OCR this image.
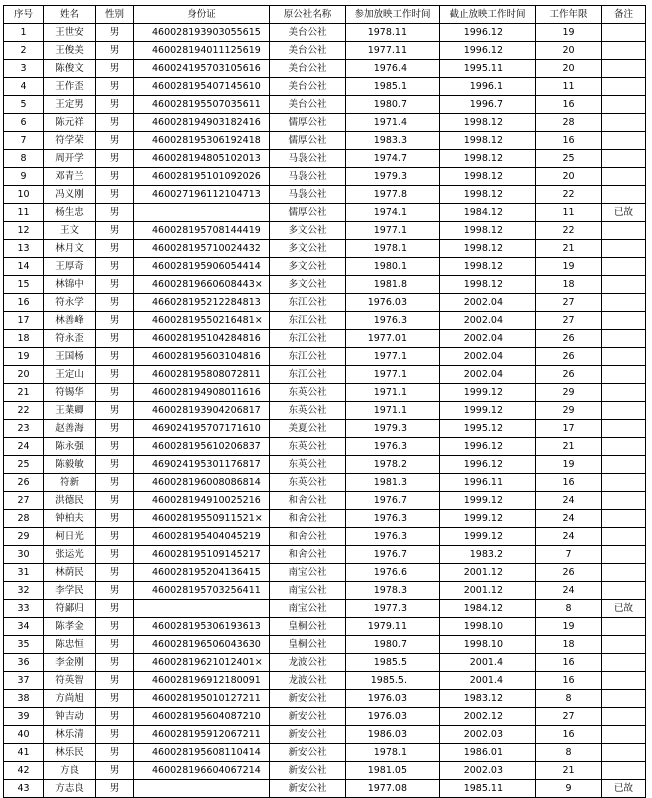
序号	姓名	性别	身份证	原公社名称	参加放映工作时间	截止放映工作时间	工作年限	备注
1	王世安	男	460028193903055615	美台公社	1978.11	1996.12	19	
2	王俊美	男	460028194011125619	美台公社	1977.11	1996.12	20	
3	陈俊文	男	460024195703105616	美台公社	1976.4	1995.11	20	
4	王作歪	男	460028195407145610	美台公社	1985.1	1996.1	11	
5	王定男	男	460028195507035611	美台公社	1980.7	1996.7	16	
6	陈元祥	男	460028194903182416	儒厚公社	1971.4	1998.12	28	
7	符学荣	男	460028195306192418	儒厚公社	1983.3	1998.12	16	
8	周开学	男	460028194805102013	马袅公社	1974.7	1998.12	25	
9	邓青兰	男	460028195101092026	马袅公社	1979.3	1998.12	20	
10	冯义刚	男	460027196112104713	马袅公社	1977.8	1998.12	22	
11	杨生忠	男		儒厚公社	1974.1	1984.12	11	已故
12	王文	男	460028195708144419	多文公社	1977.1	1998.12	22	
13	林月文	男	460028195710024432	多文公社	1978.1	1998.12	21	
14	王厚奇	男	460028195906054414	多文公社	1980.1	1998.12	19	
15	林锦中	男	46002819660608443×	多文公社	1981.8	1998.12	18	
16	符永学	男	466028195212284813	东江公社	1976.03	2002.04	27	
17	林善峰	男	46002819550216481×	东江公社	1976.3	2002.04	27	
18	符永歪	男	460028195104284816	东江公社	1977.01	2002.04	26	
19	王国杨	男	460028195603104816	东江公社	1977.1	2002.04	26	
20	王定山	男	460028195808072811	东江公社	1977.1	2002.04	26	
21	符锡华	男	460028194908011616	东英公社	1971.1	1999.12	29	
22	王業卿	男	460028193904206817	东英公社	1971.1	1999.12	29	
23	赵善海	男	469024195707171610	美夏公社	1979.3	1995.12	17	
24	陈永强	男	460028195610206837	东英公社	1976.3	1996.12	21	
25	陈毅敏	男	469024195301176817	东英公社	1978.2	1996.12	19	
26	符新	男	460028196008086814	东英公社	1981.3	1996.11	16	
27	洪德民	男	460028194910025216	和舍公社	1976.7	1999.12	24	
28	钟柏夫	男	46002819550911521×	和舍公社	1976.3	1999.12	24	
29	柯日光	男	460028195404045219	和舍公社	1976.3	1999.12	24	
30	张运光	男	460028195109145217	和舍公社	1976.7	1983.2	7	
31	林荫民	男	460028195204136415	南宝公社	1976.6	2001.12	26	
32	李学民	男	460028195703256411	南宝公社	1978.3	2001.12	24	
33	符鄙归	男		南宝公社	1977.3	1984.12	8	已故
34	陈孝金	男	460028195306193613	皇桐公社	1979.11	1998.10	19	
35	陈忠恒	男	460028196506043630	皇桐公社	1980.7	1998.10	18	
36	李金刚	男	46002819621012401×	龙波公社	1985.5	2001.4	16	
37	符英智	男	460028196912180091	龙波公社	1985.5.	2001.4	16	
38	方尚旭	男	460028195010127211	新安公社	1976.03	1983.12	8	
39	钟吉动	男	460028195604087210	新安公社	1976.03	2002.12	27	
40	林乐清	男	460028195912067211	新安公社	1986.03	2002.03	16	
41	林乐民	男	460028195608110414	新安公社	1978.1	1986.01	8	
42	方良	男	460028196604067214	新安公社	1981.05	2002.03	21	
43	方志良	男		新安公社	1977.08	1985.11	9	已故
